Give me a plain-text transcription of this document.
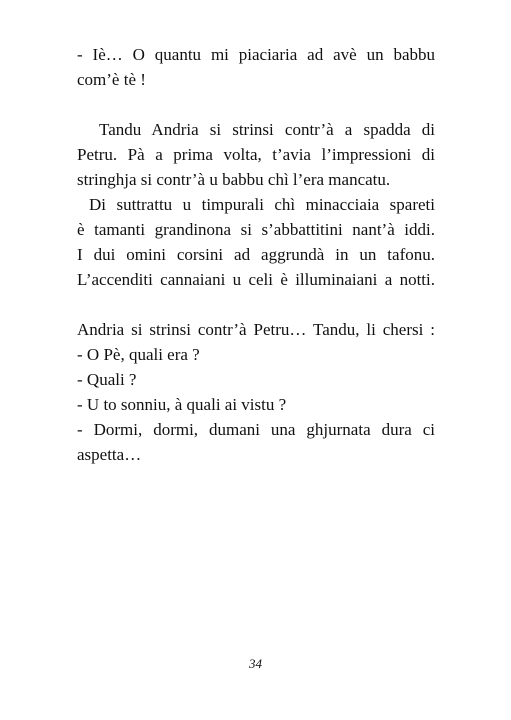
- Iè… O quantu mi piaciaria ad avè un babbu
com’è tè !
Tandu Andria si strinsi contr’à a spadda di
Petru. Pà a prima volta, t’avia l’impressioni di
stringhja si contr’à u babbu chì l’era mancatu.
Di suttrattu u timpurali chì minacciaia spareti
è tamanti grandinona si s’abbattitini nant’à iddi.
I dui omini corsini ad aggrundà in un tafonu.
L’accenditi cannaiani u celi è illuminaiani a notti.
Andria si strinsi contr’à Petru… Tandu, li chersi :
- O Pè, quali era ?
- Quali ?
- U to sonniu, à quali ai vistu ?
- Dormi, dormi, dumani una ghjurnata dura ci
aspetta…
34
